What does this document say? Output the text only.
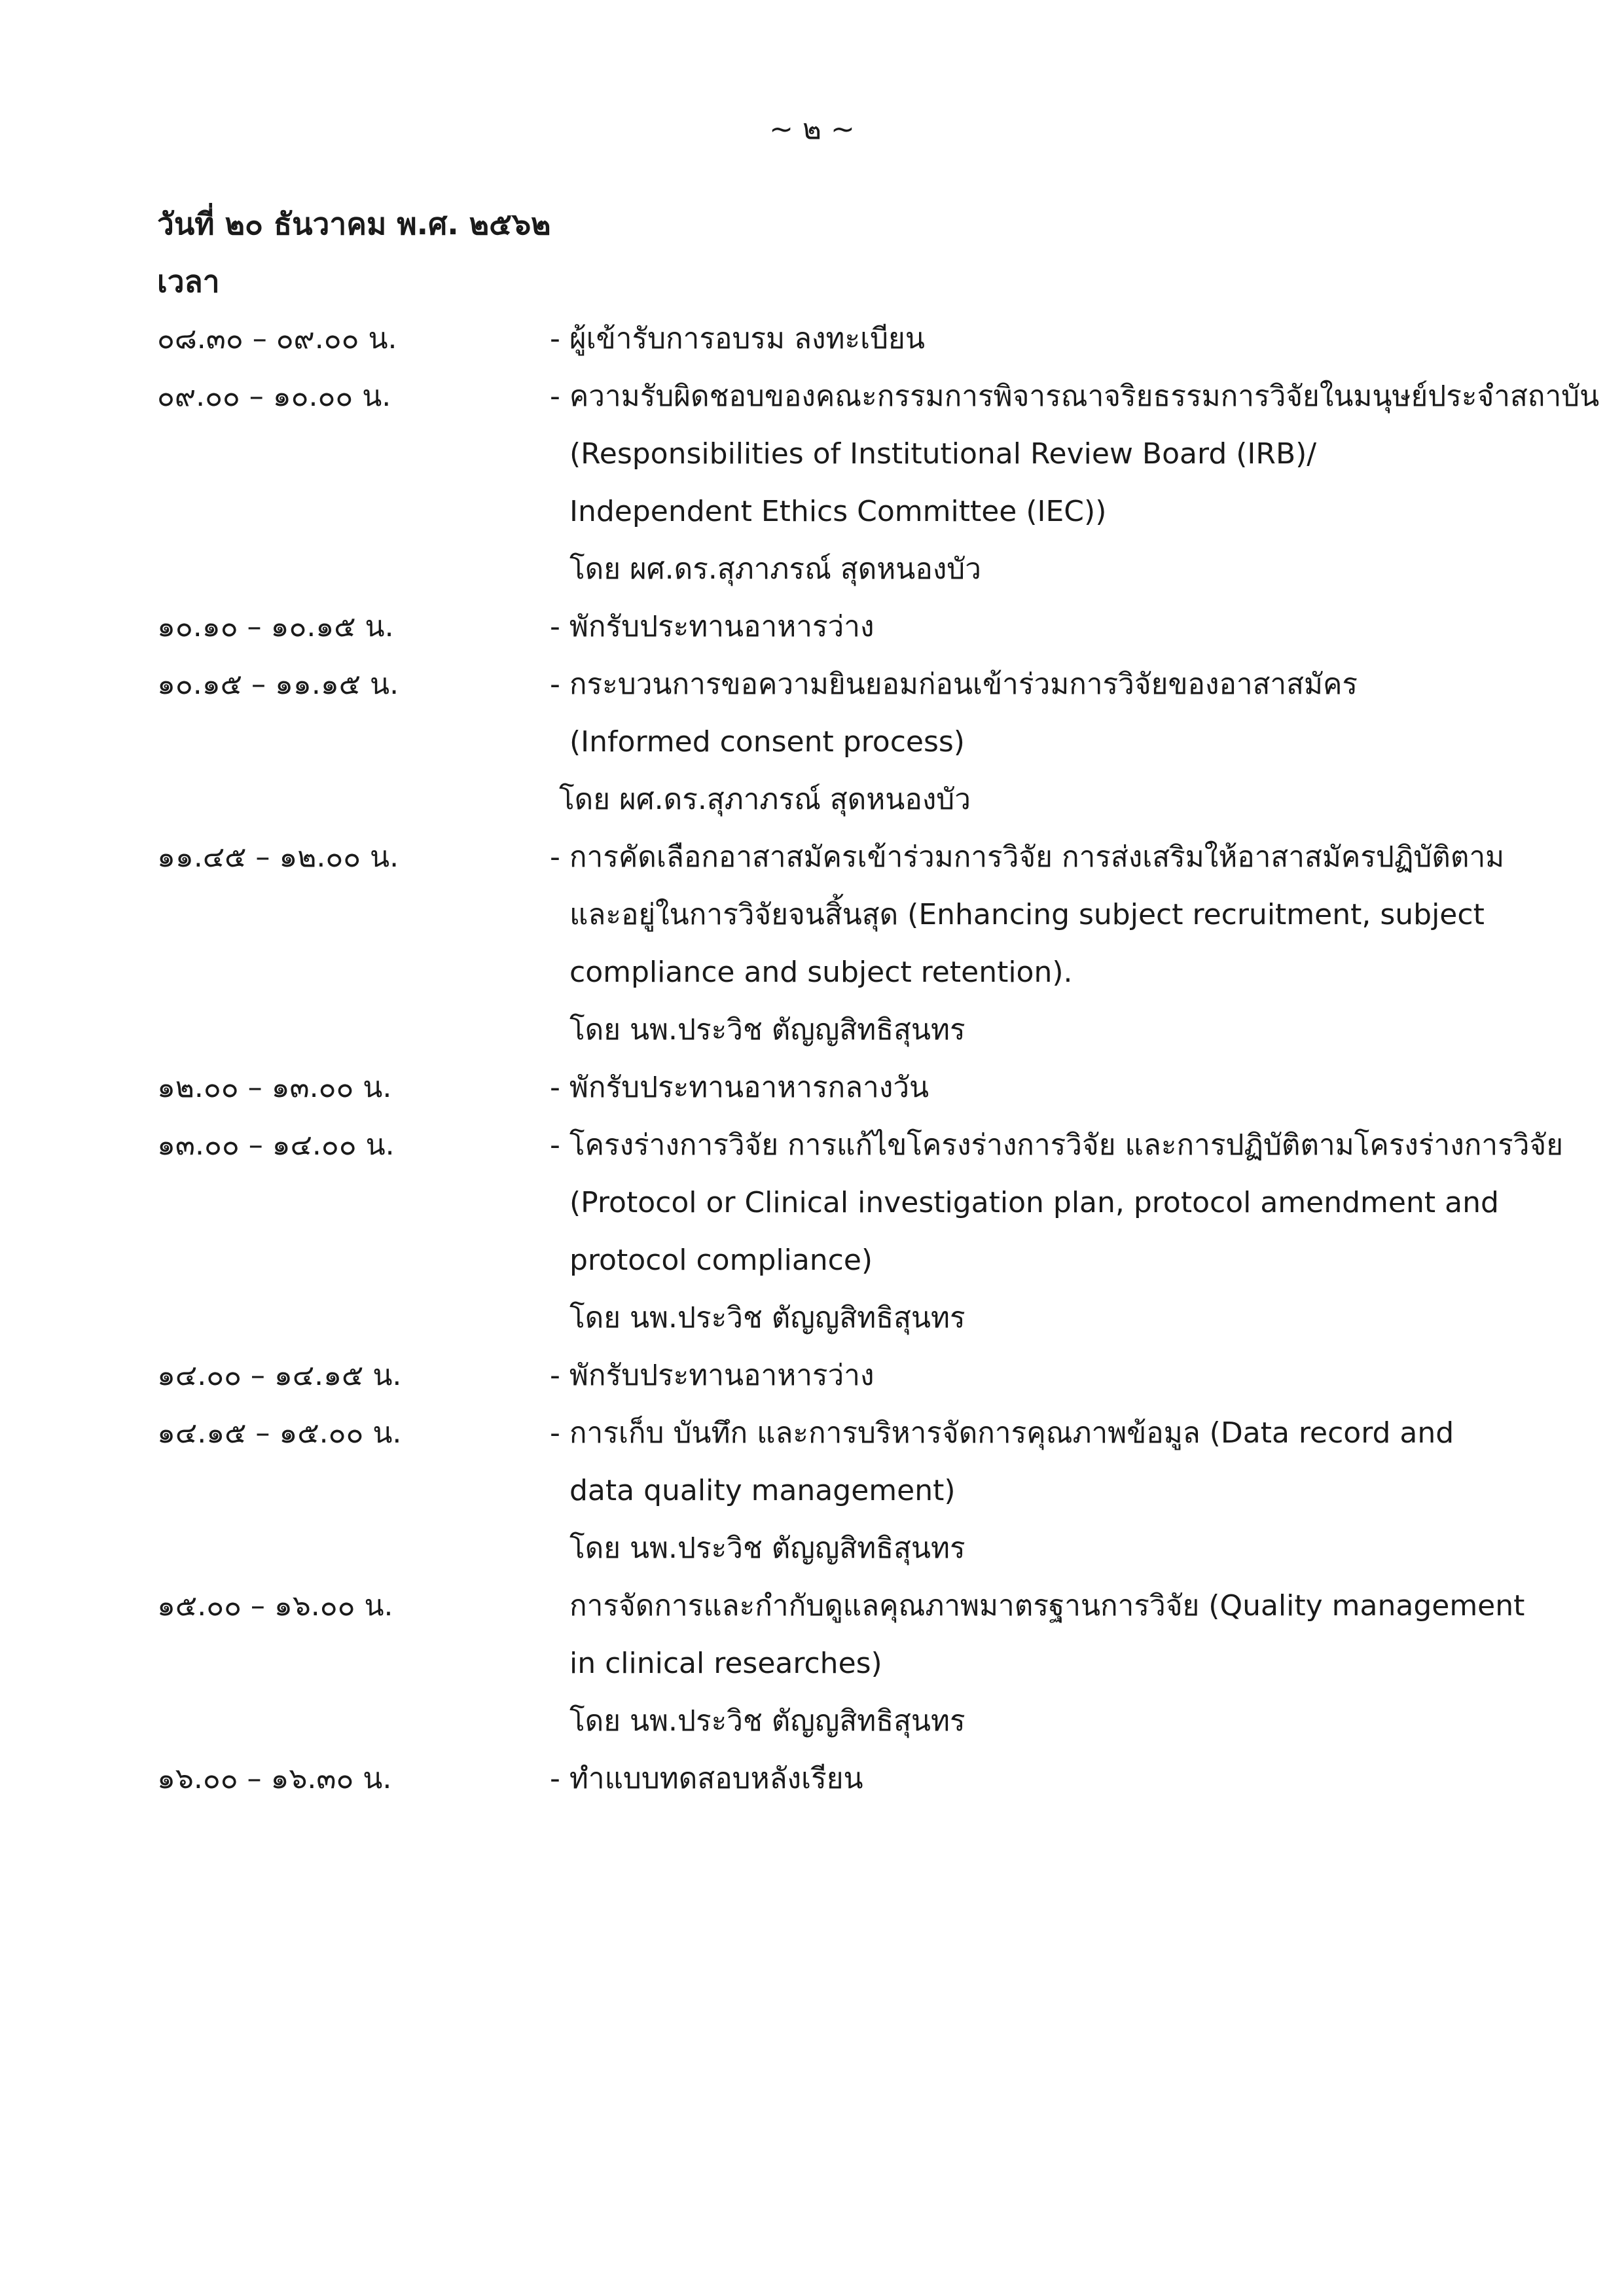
~ ๒ ~
วันที่ ๒๐ ธันวาคม พ.ศ. ๒๕๖๒
เวลา
๐๘.๓๐ – ๐๙.๐๐ น.	- ผู้เข้ารับการอบรม ลงทะเบียน
๐๙.๐๐ – ๑๐.๐๐ น.	- ความรับผิดชอบของคณะกรรมการพิจารณาจริยธรรมการวิจัยในมนุษย์ประจำสถาบัน
(Responsibilities of Institutional Review Board (IRB)/
Independent Ethics Committee (IEC))
โดย ผศ.ดร.สุภาภรณ์ สุดหนองบัว
๑๐.๑๐ – ๑๐.๑๕ น.	- พักรับประทานอาหารว่าง
๑๐.๑๕ – ๑๑.๑๕ น.	- กระบวนการขอความยินยอมก่อนเข้าร่วมการวิจัยของอาสาสมัคร
(Informed consent process)
โดย ผศ.ดร.สุภาภรณ์ สุดหนองบัว
๑๑.๔๕ – ๑๒.๐๐ น.	- การคัดเลือกอาสาสมัครเข้าร่วมการวิจัย การส่งเสริมให้อาสาสมัครปฏิบัติตาม
และอยู่ในการวิจัยจนสิ้นสุด (Enhancing subject recruitment, subject
compliance and subject retention).
โดย นพ.ประวิช ตัญญสิทธิสุนทร
๑๒.๐๐ – ๑๓.๐๐ น.	- พักรับประทานอาหารกลางวัน
๑๓.๐๐ – ๑๔.๐๐ น.	- โครงร่างการวิจัย การแก้ไขโครงร่างการวิจัย และการปฏิบัติตามโครงร่างการวิจัย
(Protocol or Clinical investigation plan, protocol amendment and
protocol compliance)
โดย นพ.ประวิช ตัญญสิทธิสุนทร
๑๔.๐๐ – ๑๔.๑๕ น.	- พักรับประทานอาหารว่าง
๑๔.๑๕ – ๑๕.๐๐ น.	- การเก็บ บันทึก และการบริหารจัดการคุณภาพข้อมูล (Data record and
data quality management)
โดย นพ.ประวิช ตัญญสิทธิสุนทร
๑๕.๐๐ – ๑๖.๐๐ น.	การจัดการและกำกับดูแลคุณภาพมาตรฐานการวิจัย (Quality management
in clinical researches)
โดย นพ.ประวิช ตัญญสิทธิสุนทร
๑๖.๐๐ – ๑๖.๓๐ น.	- ทำแบบทดสอบหลังเรียน
